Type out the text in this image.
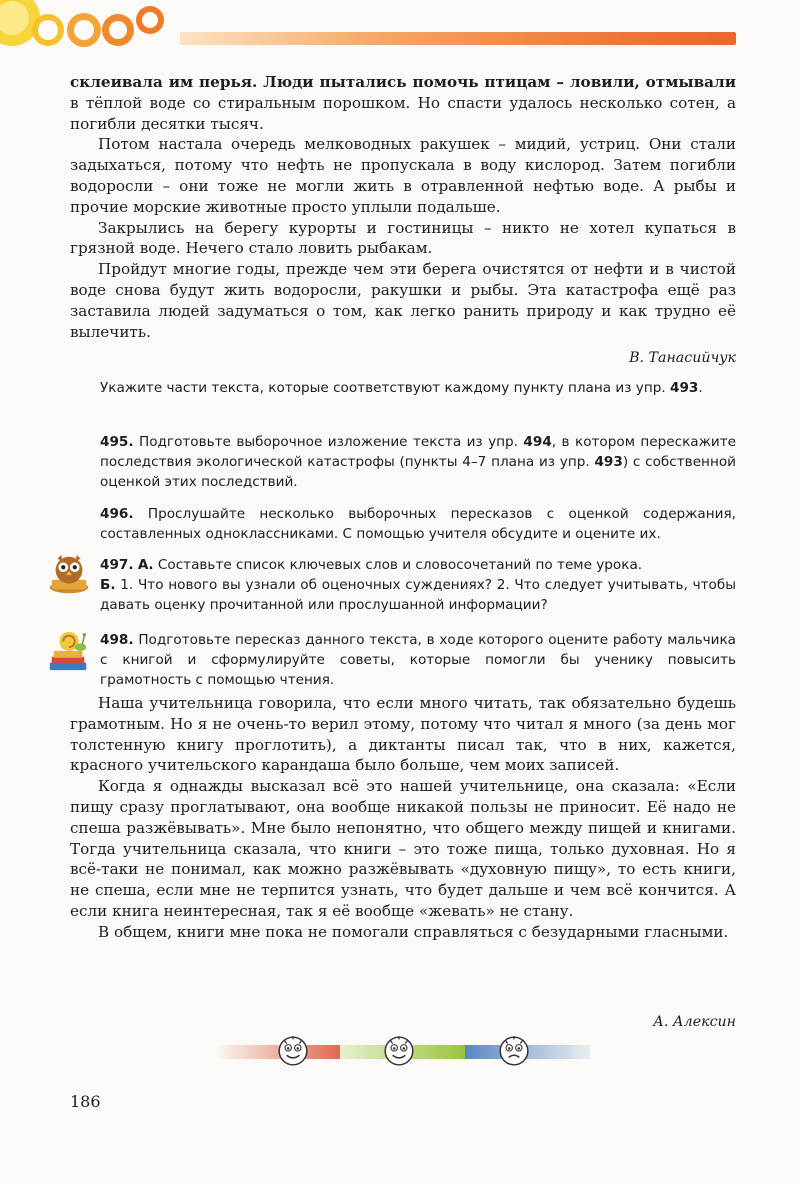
склеивала им перья. Люди пытались помочь птицам – ловили, отмывали в тёплой воде со стиральным порошком. Но спасти удалось несколько сотен, а погибли десятки тысяч.

Потом настала очередь мелководных ракушек – мидий, устриц. Они стали задыхаться, потому что нефть не пропускала в воду кислород. Затем погибли водоросли – они тоже не могли жить в отравленной нефтью воде. А рыбы и прочие морские животные просто уплыли подальше.

Закрылись на берегу курорты и гостиницы – никто не хотел купаться в грязной воде. Нечего стало ловить рыбакам.

Пройдут многие годы, прежде чем эти берега очистятся от нефти и в чистой воде снова будут жить водоросли, ракушки и рыбы. Эта катастрофа ещё раз заставила людей задуматься о том, как легко ранить природу и как трудно её вылечить.

В. Танасийчук

Укажите части текста, которые соответствуют каждому пункту плана из упр. 493.

495. Подготовьте выборочное изложение текста из упр. 494, в котором перескажите последствия экологической катастрофы (пункты 4–7 плана из упр. 493) с собственной оценкой этих последствий.

496. Прослушайте несколько выборочных пересказов с оценкой содержания, составленных одноклассниками. С помощью учителя обсудите и оцените их.

497. А. Составьте список ключевых слов и словосочетаний по теме урока.

Б. 1. Что нового вы узнали об оценочных суждениях? 2. Что следует учитывать, чтобы давать оценку прочитанной или прослушанной информации?

498. Подготовьте пересказ данного текста, в ходе которого оцените работу мальчика с книгой и сформулируйте советы, которые помогли бы ученику повысить грамотность с помощью чтения.

Наша учительница говорила, что если много читать, так обязательно будешь грамотным. Но я не очень-то верил этому, потому что читал я много (за день мог толстенную книгу проглотить), а диктанты писал так, что в них, кажется, красного учительского карандаша было больше, чем моих записей.

Когда я однажды высказал всё это нашей учительнице, она сказала: «Если пищу сразу проглатывают, она вообще никакой пользы не приносит. Её надо не спеша разжёвывать». Мне было непонятно, что общего между пищей и книгами. Тогда учительница сказала, что книги – это тоже пища, только духовная. Но я всё-таки не понимал, как можно разжёвывать «духовную пищу», то есть книги, не спеша, если мне не терпится узнать, что будет дальше и чем всё кончится. А если книга неинтересная, так я её вообще «жевать» не стану.

В общем, книги мне пока не помогали справляться с безударными гласными.

А. Алексин
186
